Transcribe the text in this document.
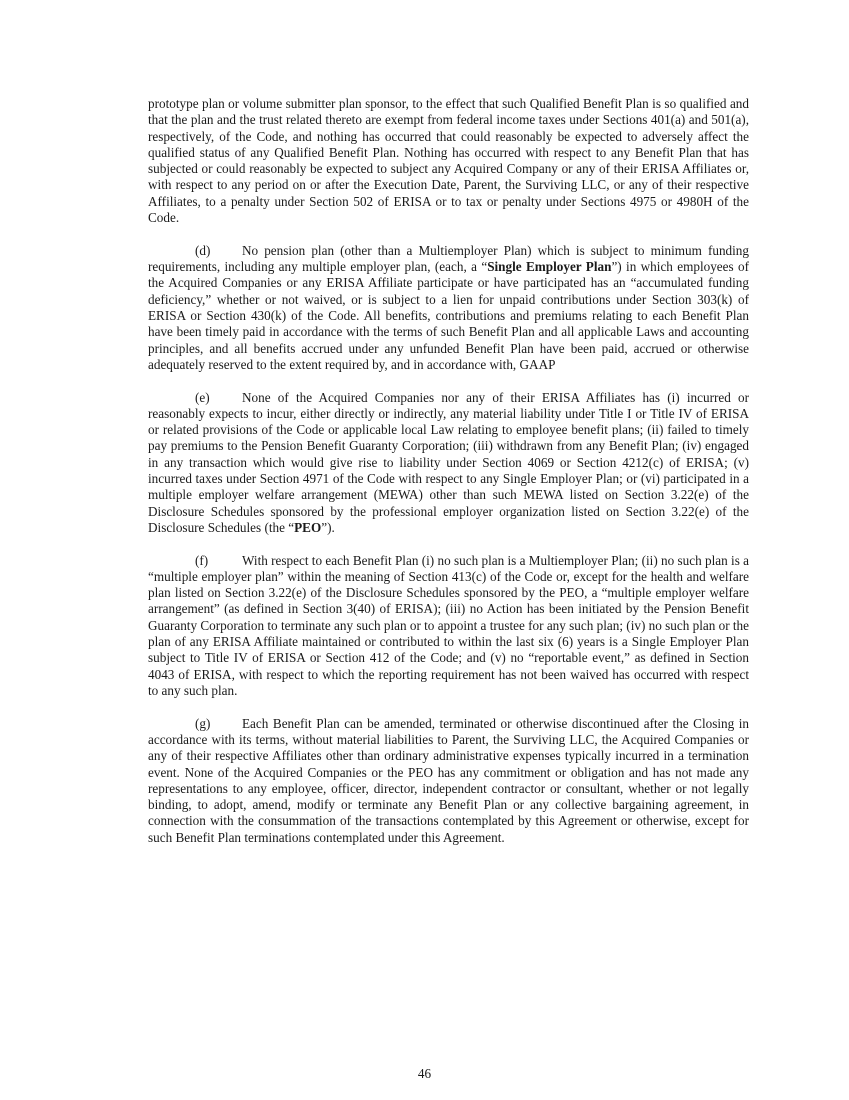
prototype plan or volume submitter plan sponsor, to the effect that such Qualified Benefit Plan is so qualified and that the plan and the trust related thereto are exempt from federal income taxes under Sections 401(a) and 501(a), respectively, of the Code, and nothing has occurred that could reasonably be expected to adversely affect the qualified status of any Qualified Benefit Plan. Nothing has occurred with respect to any Benefit Plan that has subjected or could reasonably be expected to subject any Acquired Company or any of their ERISA Affiliates or, with respect to any period on or after the Execution Date, Parent, the Surviving LLC, or any of their respective Affiliates, to a penalty under Section 502 of ERISA or to tax or penalty under Sections 4975 or 4980H of the Code.

(d) No pension plan (other than a Multiemployer Plan) which is subject to minimum funding requirements, including any multiple employer plan, (each, a “Single Employer Plan”) in which employees of the Acquired Companies or any ERISA Affiliate participate or have participated has an “accumulated funding deficiency,” whether or not waived, or is subject to a lien for unpaid contributions under Section 303(k) of ERISA or Section 430(k) of the Code. All benefits, contributions and premiums relating to each Benefit Plan have been timely paid in accordance with the terms of such Benefit Plan and all applicable Laws and accounting principles, and all benefits accrued under any unfunded Benefit Plan have been paid, accrued or otherwise adequately reserved to the extent required by, and in accordance with, GAAP

(e) None of the Acquired Companies nor any of their ERISA Affiliates has (i) incurred or reasonably expects to incur, either directly or indirectly, any material liability under Title I or Title IV of ERISA or related provisions of the Code or applicable local Law relating to employee benefit plans; (ii) failed to timely pay premiums to the Pension Benefit Guaranty Corporation; (iii) withdrawn from any Benefit Plan; (iv) engaged in any transaction which would give rise to liability under Section 4069 or Section 4212(c) of ERISA; (v) incurred taxes under Section 4971 of the Code with respect to any Single Employer Plan; or (vi) participated in a multiple employer welfare arrangement (MEWA) other than such MEWA listed on Section 3.22(e) of the Disclosure Schedules sponsored by the professional employer organization listed on Section 3.22(e) of the Disclosure Schedules (the “PEO”).

(f)	With respect to each Benefit Plan (i) no such plan is a Multiemployer Plan; (ii) no such plan is a “multiple employer plan” within the meaning of Section 413(c) of the Code or, except for the health and welfare plan listed on Section 3.22(e) of the Disclosure Schedules sponsored by the PEO, a “multiple employer welfare arrangement” (as defined in Section 3(40) of ERISA); (iii) no Action has been initiated by the Pension Benefit Guaranty Corporation to terminate any such plan or to appoint a trustee for any such plan; (iv) no such plan or the plan of any ERISA Affiliate maintained or contributed to within the last six (6) years is a Single Employer Plan subject to Title IV of ERISA or Section 412 of the Code; and (v) no “reportable event,” as defined in Section 4043 of ERISA, with respect to which the reporting requirement has not been waived has occurred with respect to any such plan.

(g) Each Benefit Plan can be amended, terminated or otherwise discontinued after the Closing in accordance with its terms, without material liabilities to Parent, the Surviving LLC, the Acquired Companies or any of their respective Affiliates other than ordinary administrative expenses typically incurred in a termination event. None of the Acquired Companies or the PEO has any commitment or obligation and has not made any representations to any employee, officer, director, independent contractor or consultant, whether or not legally binding, to adopt, amend, modify or terminate any Benefit Plan or any collective bargaining agreement, in connection with the consummation of the transactions contemplated by this Agreement or otherwise, except for such Benefit Plan terminations contemplated under this Agreement.

46
